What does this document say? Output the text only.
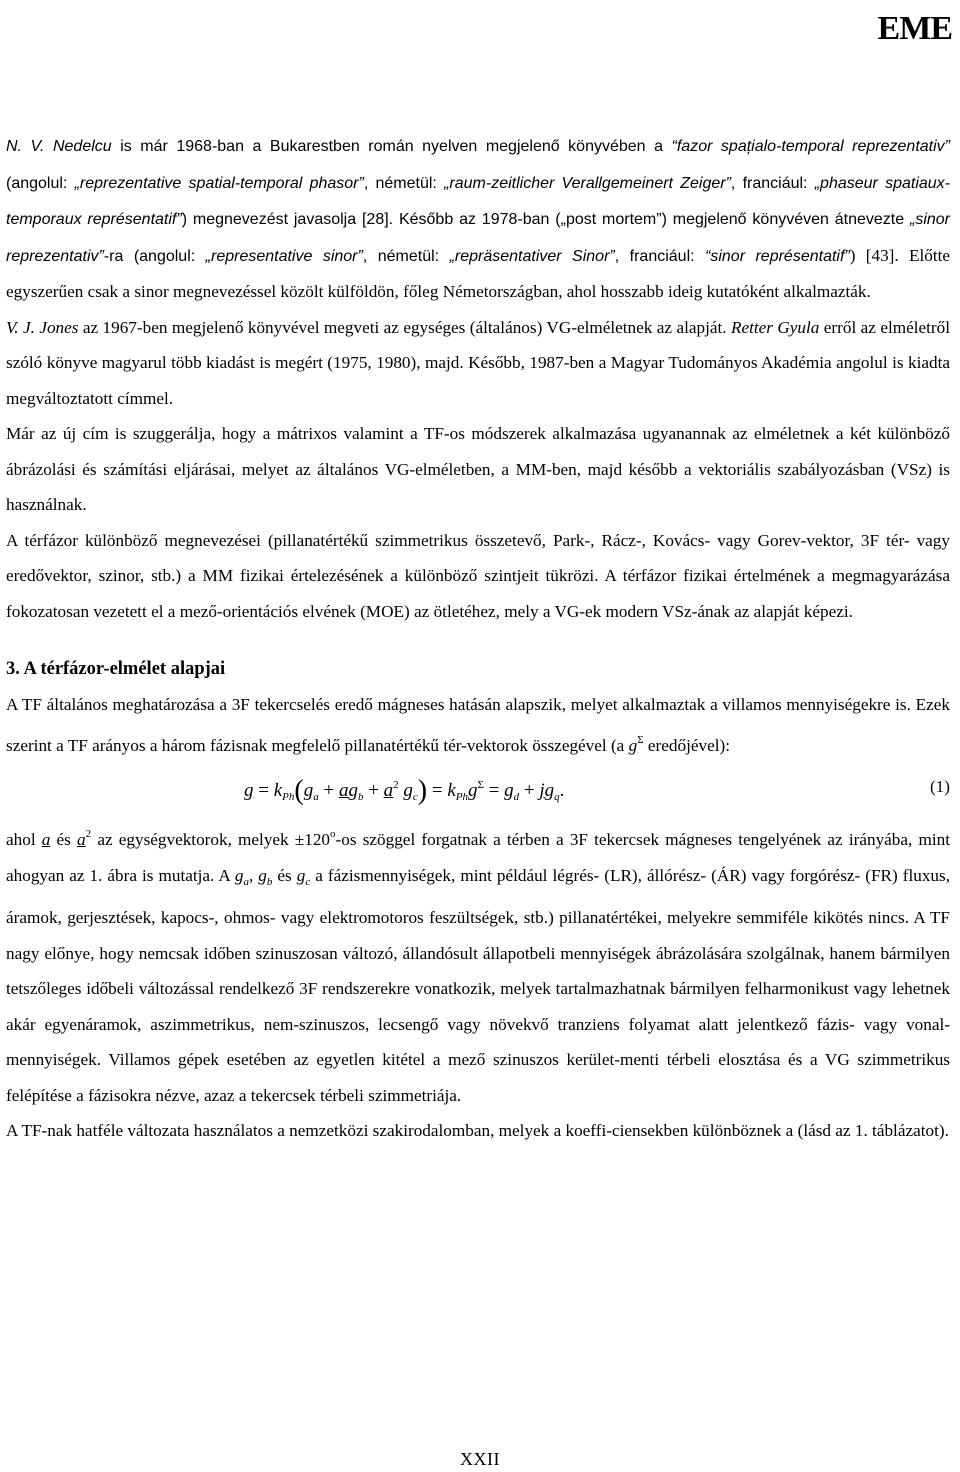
EME

N. V. Nedelcu is már 1968-ban a Bukarestben román nyelven megjelenő könyvében a “fazor spațialo-temporal reprezentativ” (angolul: „reprezentative spatial-temporal phasor”, németül: „raum-zeitlicher Verallgemeinert Zeiger”, franciául: „phaseur spatiaux-temporaux représentatif”) megnevezést javasolja [28]. Később az 1978-ban („post mortem”) megjelenő könyvéven átnevezte „sinor reprezentativ”-ra (angolul: „representative sinor”, németül: „repräsentativer Sinor”, franciául: “sinor représentatif”) [43]. Előtte egyszerűen csak a sinor megnevezéssel közölt külföldön, főleg Németországban, ahol hosszabb ideig kutatóként alkalmazták.

V. J. Jones az 1967-ben megjelenő könyvével megveti az egységes (általános) VG-elméletnek az alapját. Retter Gyula erről az elméletről szóló könyve magyarul több kiadást is megért (1975, 1980), majd. Később, 1987-ben a Magyar Tudományos Akadémia angolul is kiadta megváltoztatott címmel.

Már az új cím is szuggerálja, hogy a mátrixos valamint a TF-os módszerek alkalmazása ugyanannak az elméletnek a két különböző ábrázolási és számítási eljárásai, melyet az általános VG-elméletben, a MM-ben, majd később a vektoriális szabályozásban (VSz) is használnak.

A térfázor különböző megnevezései (pillanatértékű szimmetrikus összetevő, Park-, Rácz-, Kovács- vagy Gorev-vektor, 3F tér- vagy eredővektor, szinor, stb.) a MM fizikai értelezésének a különböző szintjeit tükrözi. A térfázor fizikai értelmének a megmagyarázása fokozatosan vezetett el a mező-orientációs elvének (MOE) az ötletéhez, mely a VG-ek modern VSz-ának az alapját képezi.

3. A térfázor-elmélet alapjai

A TF általános meghatározása a 3F tekercselés eredő mágneses hatásán alapszik, melyet alkalmaztak a villamos mennyiségekre is. Ezek szerint a TF arányos a három fázisnak megfelelő pillanatértékű tér-vektorok összegével (a $g^\Sigma$ eredőjével):

$g = k_{Ph}(g_a + ag_b + a^2$ $g_c) = k_{Ph}g^\Sigma = g_d + jg_q$.	(1)

ahol a és $a^2$ az egységvektorok, melyek $\pm 120^o-os$ szöggel forgatnak a térben a 3F tekercsek mágneses tengelyének az irányába, mint ahogyan az 1. ábra is mutatja. A $g_a$, $g_b$ és $g_c$ a fázismennyiségek, mint például légrés- (LR), állórész- (ÁR) vagy forgórész- (FR) fluxus, áramok, gerjesztések, kapocs-, ohmos- vagy elektromotoros feszültségek, stb.) pillanatértékei, melyekre semmiféle kikötés nincs. A TF nagy előnye, hogy nemcsak időben szinuszosan változó, állandósult állapotbeli mennyiségek ábrázolására szolgálnak, hanem bármilyen tetszőleges időbeli változással rendelkező 3F rendszerekre vonatkozik, melyek tartalmazhatnak bármilyen felharmonikust vagy lehetnek akár egyenáramok, aszimmetrikus, nem-szinuszos, lecsengő vagy növekvő tranziens folyamat alatt jelentkező fázis- vagy vonal-mennyiségek. Villamos gépek esetében az egyetlen kitétel a mező szinuszos kerület-menti térbeli elosztása és a VG szimmetrikus felépítése a fázisokra nézve, azaz a tekercsek térbeli szimmetriája.

A TF-nak hatféle változata használatos a nemzetközi szakirodalomban, melyek a koeffi-ciensekben különböznek a (lásd az 1. táblázatot).

XXII
